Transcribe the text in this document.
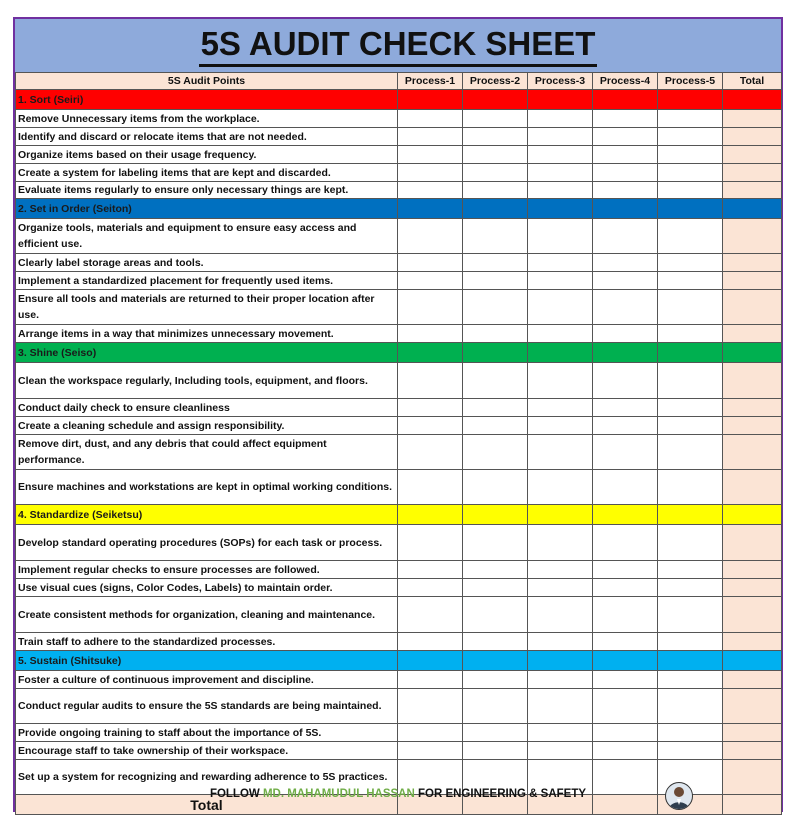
5S AUDIT CHECK SHEET
5S Audit Points	Process-1	Process-2	Process-3	Process-4	Process-5	Total
1. Sort (Seiri)						
Remove Unnecessary items from the workplace.						
Identify and discard or relocate items that are not needed.						
Organize items based on their usage frequency.						
Create a system for labeling items that are kept and discarded.						
Evaluate items regularly to ensure only necessary things are kept.						
2. Set in Order (Seiton)						
Organize tools, materials and equipment to ensure easy access and efficient use.						
Clearly label storage areas and tools.						
Implement a standardized placement for frequently used items.						
Ensure all tools and materials are returned to their proper location after use.						
Arrange items in a way that minimizes unnecessary movement.						
3. Shine (Seiso)						
Clean the workspace regularly, Including tools, equipment, and floors.						
Conduct daily check to ensure cleanliness						
Create a cleaning schedule and assign responsibility.						
Remove dirt, dust, and any debris that could affect equipment performance.						
Ensure machines and workstations are kept in optimal working conditions.						
4. Standardize (Seiketsu)						
Develop standard operating procedures (SOPs) for each task or process.						
Implement regular checks to ensure processes are followed.						
Use visual cues (signs, Color Codes, Labels) to maintain order.						
Create consistent methods for organization, cleaning and maintenance.						
Train staff to adhere to the standardized processes.						
5. Sustain (Shitsuke)						
Foster a culture of continuous improvement and discipline.						
Conduct regular audits to ensure the 5S standards are being maintained.						
Provide ongoing training to staff about the importance of 5S.						
Encourage staff to take ownership of their workspace.						
Set up a system for recognizing and rewarding adherence to 5S practices.						
Total						
FOLLOW MD. MAHAMUDUL HASSAN FOR ENGINEERING & SAFETY
